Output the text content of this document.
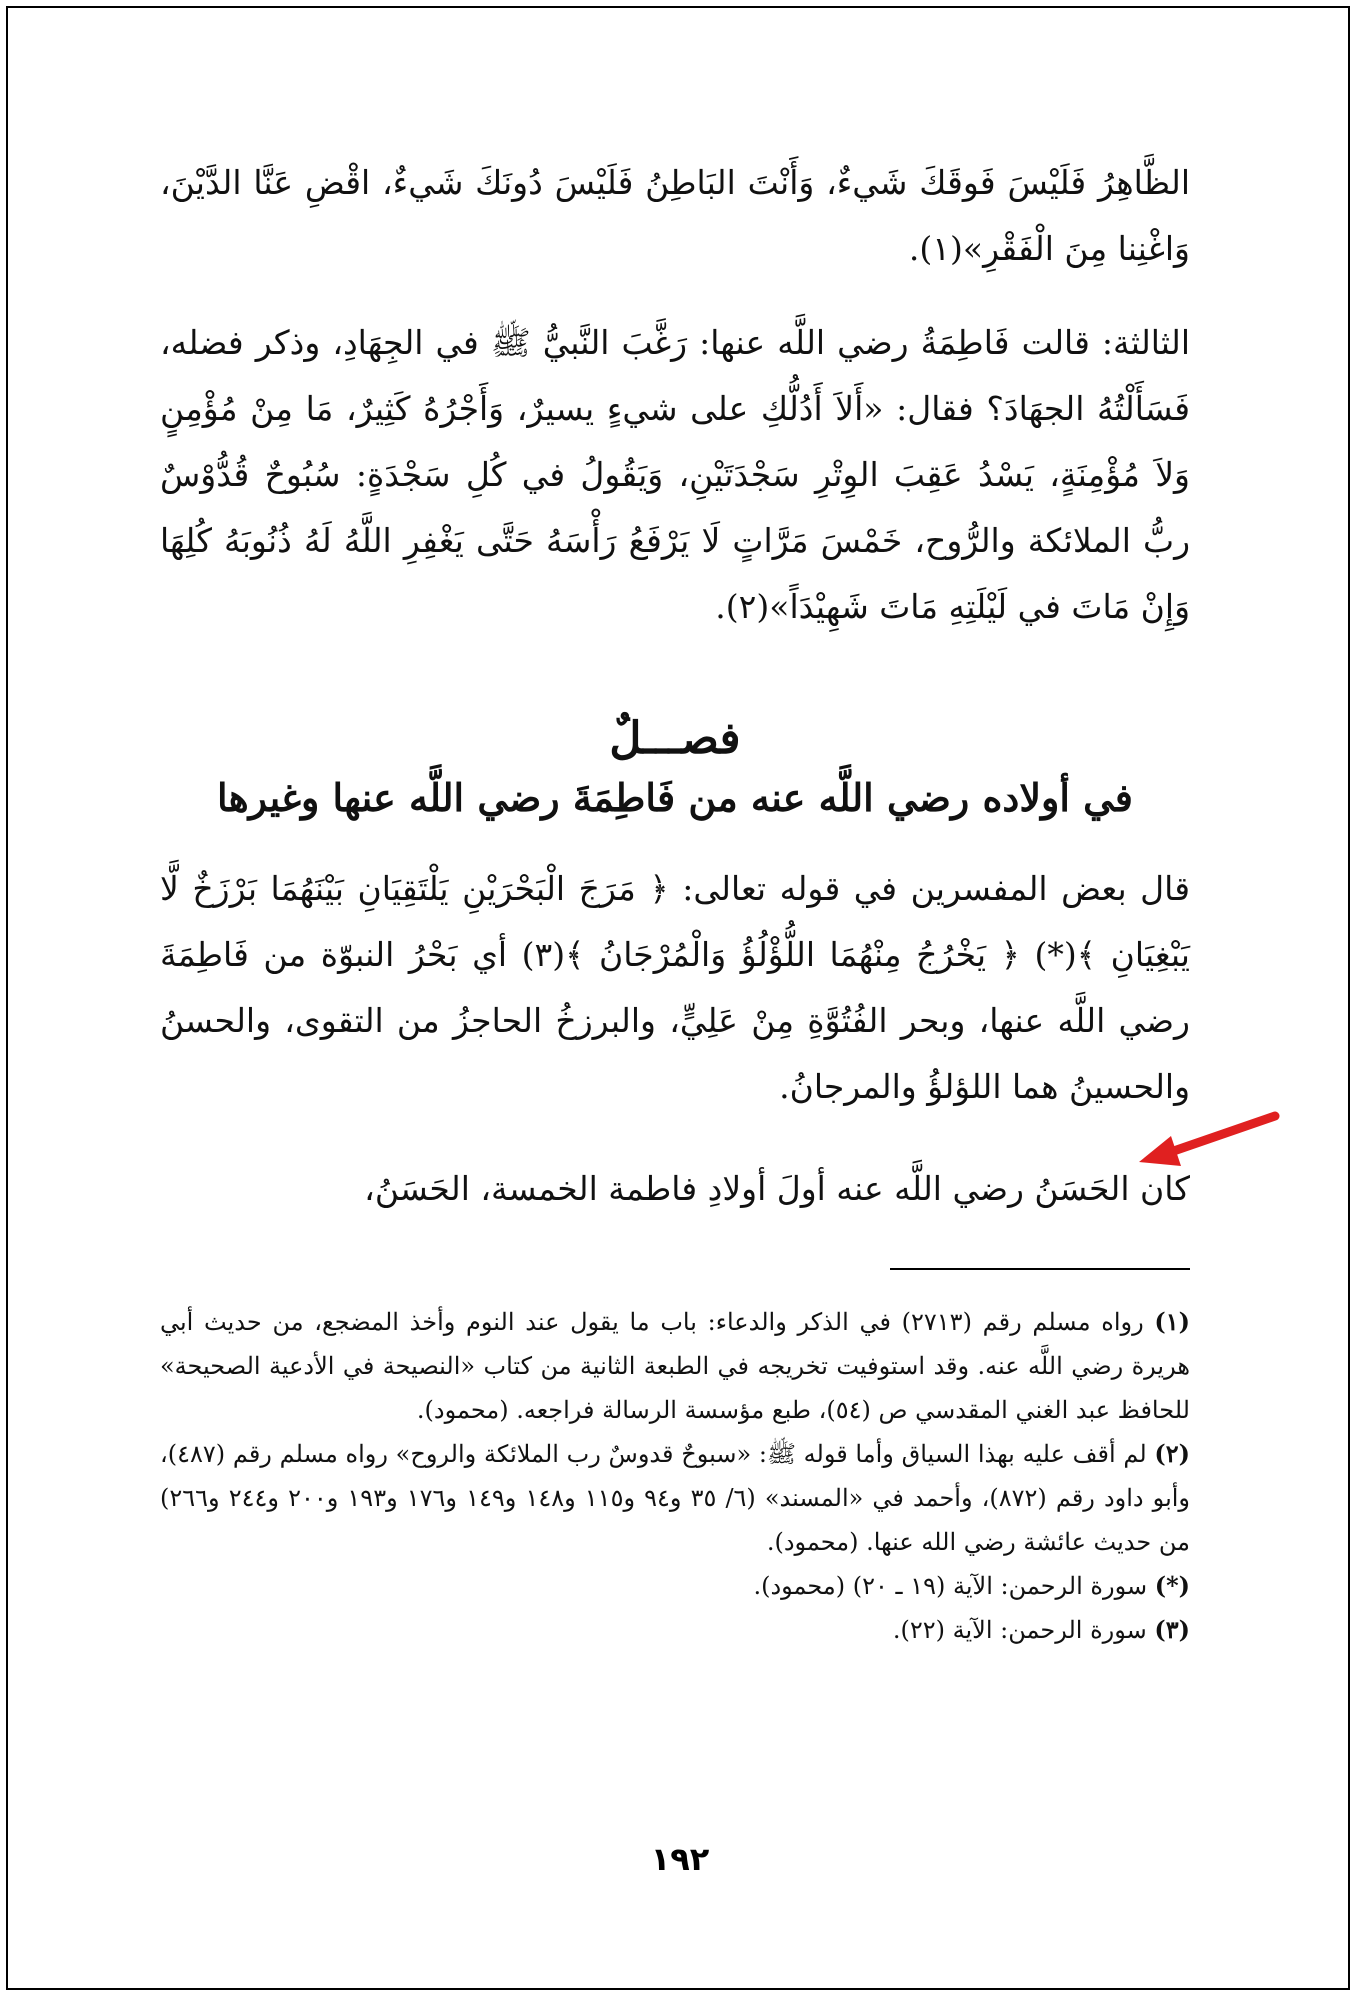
الظَّاهِرُ فَلَيْسَ فَوقَكَ شَيءٌ، وَأَنْتَ البَاطِنُ فَلَيْسَ دُونَكَ شَيءٌ، اقْضِ عَنَّا الدَّيْنَ، وَاغْنِنا مِنَ الْفَقْرِ»(١).

الثالثة: قالت فَاطِمَةُ رضي اللَّه عنها: رَغَّبَ النَّبيُّ ﷺ في الجِهَادِ، وذكر فضله، فَسَأَلْتُهُ الجهَادَ؟ فقال: «أَلاَ أَدُلُّكِ على شيءٍ يسيرٌ، وَأَجْرُهُ كَثِيرٌ، مَا مِنْ مُؤْمِنٍ وَلاَ مُؤْمِنَةٍ، يَسْدُ عَقِبَ الوِتْرِ سَجْدَتَيْنِ، وَيَقُولُ في كُلِ سَجْدَةٍ: سُبُوحٌ قُدُّوْسٌ ربُّ الملائكة والرُّوح، خَمْسَ مَرَّاتٍ لَا يَرْفَعُ رَأْسَهُ حَتَّى يَغْفِرِ اللَّهُ لَهُ ذُنُوبَهُ كُلِهَا وَإِنْ مَاتَ في لَيْلَتِهِ مَاتَ شَهِيْدَاً»(٢).

فصـــلٌ
في أولاده رضي اللَّه عنه من فَاطِمَةَ رضي اللَّه عنها وغيرها

قال بعض المفسرين في قوله تعالى: ﴿ مَرَجَ الْبَحْرَيْنِ يَلْتَقِيَانِ بَيْنَهُمَا بَرْزَخٌ لَّا يَبْغِيَانِ ﴾(*) ﴿ يَخْرُجُ مِنْهُمَا اللُّؤْلُؤُ وَالْمُرْجَانُ ﴾(٣) أي بَحْرُ النبوّة من فَاطِمَةَ رضي اللَّه عنها، وبحر الفُتُوَّةِ مِنْ عَلِيٍّ، والبرزخُ الحاجزُ من التقوى، والحسنُ والحسينُ هما اللؤلؤُ والمرجانُ.

كان الحَسَنُ رضي اللَّه عنه أولَ أولادِ فاطمة الخمسة، الحَسَنُ،

(١) رواه مسلم رقم (٢٧١٣) في الذكر والدعاء: باب ما يقول عند النوم وأخذ المضجع، من حديث أبي هريرة رضي اللَّه عنه. وقد استوفيت تخريجه في الطبعة الثانية من كتاب «النصيحة في الأدعية الصحيحة» للحافظ عبد الغني المقدسي ص (٥٤)، طبع مؤسسة الرسالة فراجعه. (محمود).

(٢) لم أقف عليه بهذا السياق وأما قوله ﷺ: «سبوحٌ قدوسٌ رب الملائكة والروح» رواه مسلم رقم (٤٨٧)، وأبو داود رقم (٨٧٢)، وأحمد في «المسند» (٦/ ٣٥ و٩٤ و١١٥ و١٤٨ و١٤٩ و١٧٦ و١٩٣ و٢٠٠ و٢٤٤ و٢٦٦) من حديث عائشة رضي الله عنها. (محمود).

(*) سورة الرحمن: الآية (١٩ ـ ٢٠) (محمود).

(٣) سورة الرحمن: الآية (٢٢).

١٩٢
